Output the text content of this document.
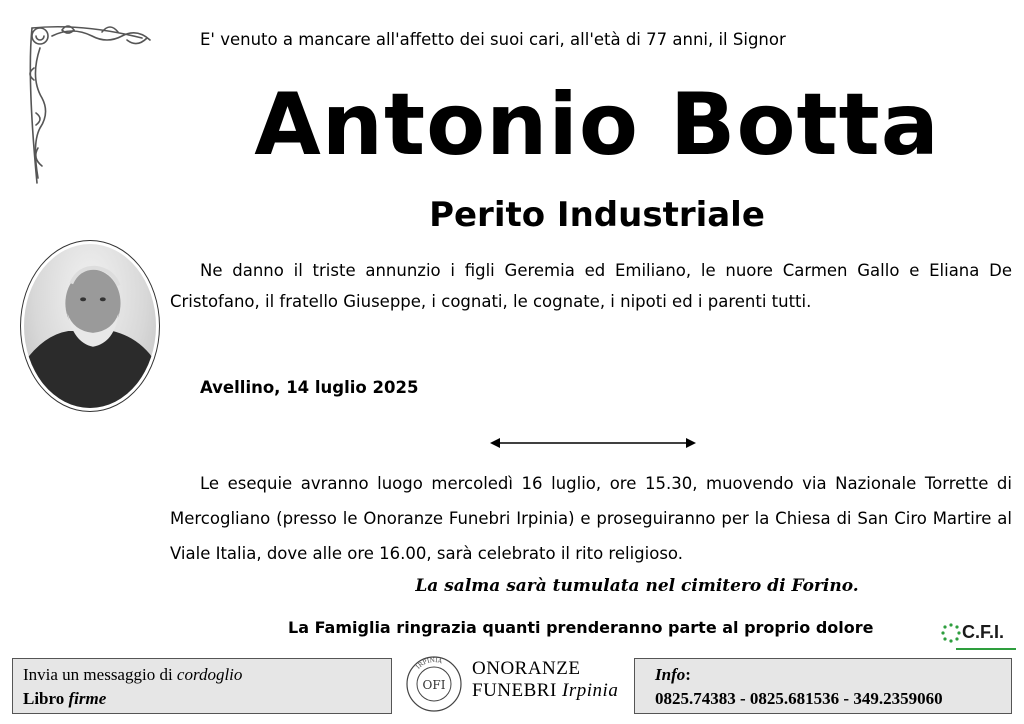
E' venuto a mancare all'affetto dei suoi cari, all'età di 77 anni, il Signor
Antonio Botta
Perito Industriale
Ne danno il triste annunzio i figli Geremia ed Emiliano, le nuore Carmen Gallo e Eliana De Cristofano, il fratello Giuseppe, i cognati, le cognate, i nipoti ed i parenti tutti.
Avellino, 14 luglio 2025
Le esequie avranno luogo mercoledì 16 luglio, ore 15.30, muovendo via Nazionale Torrette di Mercogliano (presso le Onoranze Funebri Irpinia) e proseguiranno per la Chiesa di San Ciro Martire al Viale Italia, dove alle ore 16.00, sarà celebrato il rito religioso.
La salma sarà tumulata nel cimitero di Forino.
La Famiglia ringrazia quanti prenderanno parte al proprio dolore	C.F.I.
Invia un messaggio di cordoglio
Libro firme
IRPINIA
OFI
ONORANZE
FUNEBRI Irpinia
Info:
0825.74383 - 0825.681536 - 349.2359060
